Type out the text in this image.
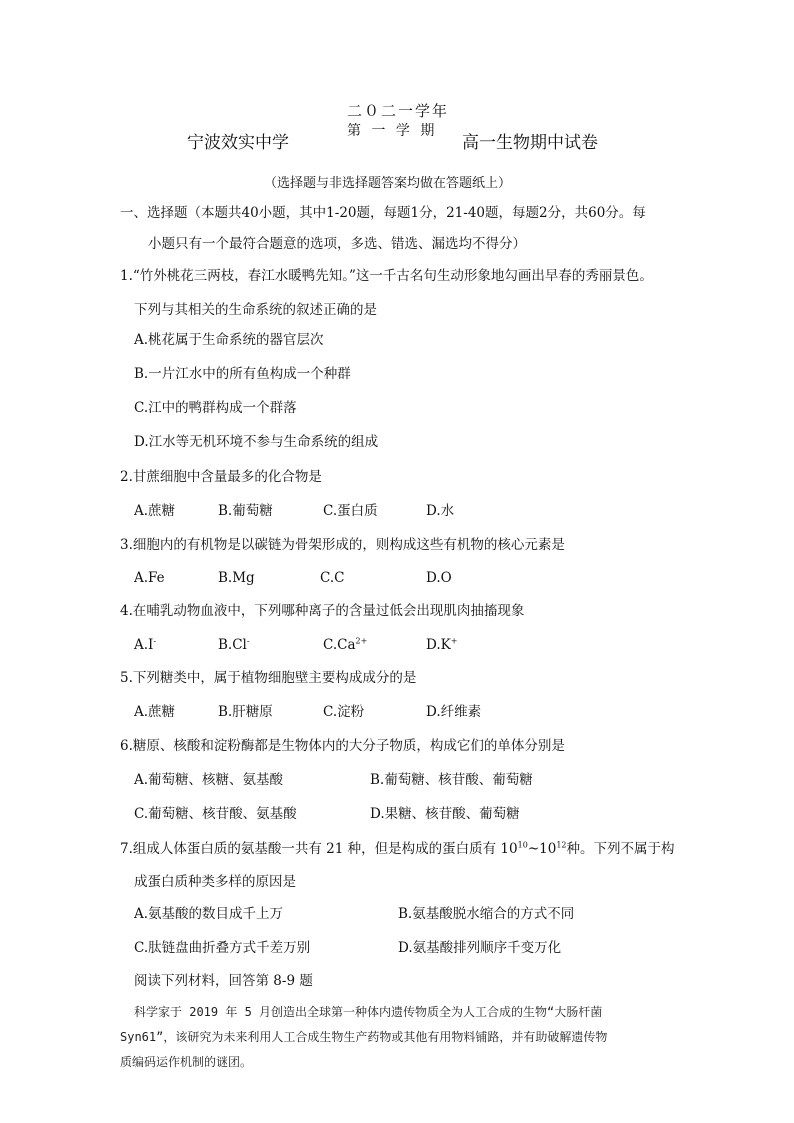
二０二一学年
宁波效实中学
第 一 学 期
高一生物期中试卷
（选择题与非选择题答案均做在答题纸上）
一、选择题（本题共40小题，其中1-20题，每题1分，21-40题，每题2分，共60分。每
小题只有一个最符合题意的选项，多选、错选、漏选均不得分）
1.“竹外桃花三两枝，春江水暖鸭先知。”这一千古名句生动形象地勾画出早春的秀丽景色。
下列与其相关的生命系统的叙述正确的是
A.桃花属于生命系统的器官层次
B.一片江水中的所有鱼构成一个种群
C.江中的鸭群构成一个群落
D.江水等无机环境不参与生命系统的组成
2.甘蔗细胞中含量最多的化合物是
A.蔗糖	B.葡萄糖	C.蛋白质	D.水
3.细胞内的有机物是以碳链为骨架形成的，则构成这些有机物的核心元素是
A.Fe	B.Mg	C.C	D.O
4.在哺乳动物血液中，下列哪种离子的含量过低会出现肌肉抽搐现象
A.I-	B.Cl-	$C.Ca^{2+}$	D.K+
5.下列糖类中，属于植物细胞壁主要构成成分的是
A.蔗糖	B.肝糖原	C.淀粉	D.纤维素
6.糖原、核酸和淀粉酶都是生物体内的大分子物质，构成它们的单体分别是
A.葡萄糖、核糖、氨基酸	B.葡萄糖、核苷酸、葡萄糖
C.葡萄糖、核苷酸、氨基酸	D.果糖、核苷酸、葡萄糖
7.组成人体蛋白质的氨基酸一共有 21 种，但是构成的蛋白质有 $10^{10}\sim 10^{12}$种。下列不属于构
成蛋白质种类多样的原因是
A.氨基酸的数目成千上万	B.氨基酸脱水缩合的方式不同
C.肽链盘曲折叠方式千差万别	D.氨基酸排列顺序千变万化
阅读下列材料，回答第 8-9 题
科学家于 2019 年 5 月创造出全球第一种体内遗传物质全为人工合成的生物“大肠杆菌
Syn61”，该研究为未来利用人工合成生物生产药物或其他有用物料铺路，并有助破解遗传物
质编码运作机制的谜团。
